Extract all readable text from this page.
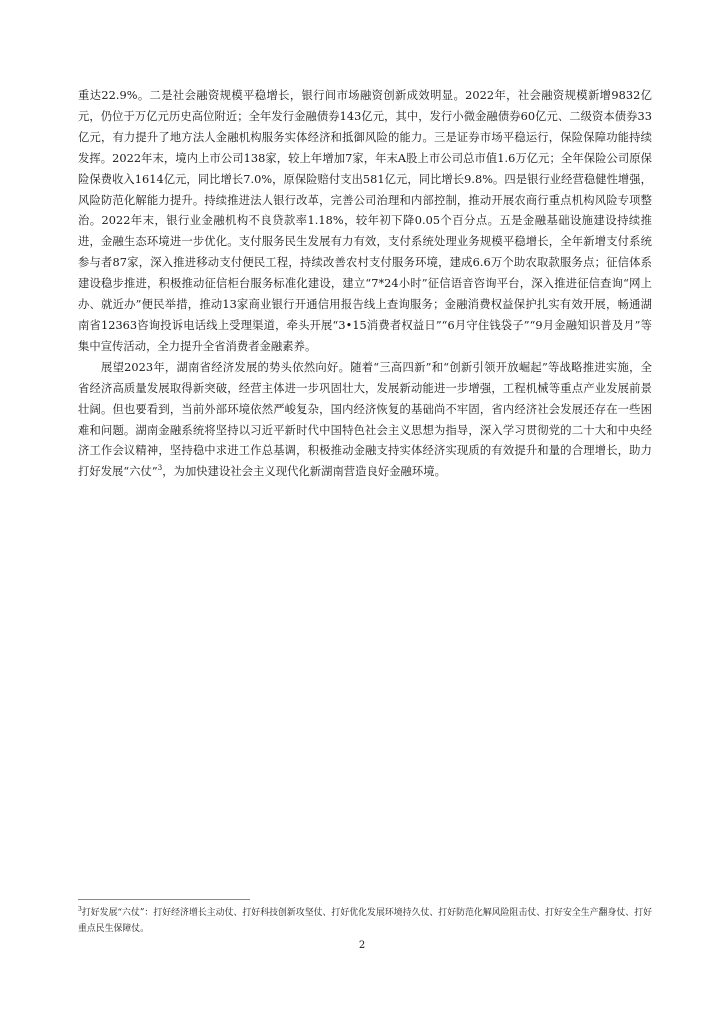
重达22.9%。二是社会融资规模平稳增长，银行间市场融资创新成效明显。2022年，社会融资规模新增9832亿元，仍位于万亿元历史高位附近；全年发行金融债券143亿元，其中，发行小微金融债券60亿元、二级资本债券33亿元，有力提升了地方法人金融机构服务实体经济和抵御风险的能力。三是证券市场平稳运行，保险保障功能持续发挥。2022年末，境内上市公司138家，较上年增加7家，年末A股上市公司总市值1.6万亿元；全年保险公司原保险保费收入1614亿元，同比增长7.0%，原保险赔付支出581亿元，同比增长9.8%。四是银行业经营稳健性增强，风险防范化解能力提升。持续推进法人银行改革，完善公司治理和内部控制，推动开展农商行重点机构风险专项整治。2022年末，银行业金融机构不良贷款率1.18%，较年初下降0.05个百分点。五是金融基础设施建设持续推进，金融生态环境进一步优化。支付服务民生发展有力有效，支付系统处理业务规模平稳增长，全年新增支付系统参与者87家，深入推进移动支付便民工程，持续改善农村支付服务环境，建成6.6万个助农取款服务点；征信体系建设稳步推进，积极推动征信柜台服务标准化建设，建立“7*24小时”征信语音咨询平台，深入推进征信查询“网上办、就近办”便民举措，推动13家商业银行开通信用报告线上查询服务；金融消费权益保护扎实有效开展，畅通湖南省12363咨询投诉电话线上受理渠道，牵头开展“3•15消费者权益日”“6月守住钱袋子”“9月金融知识普及月”等集中宣传活动，全力提升全省消费者金融素养。

展望2023年，湖南省经济发展的势头依然向好。随着“三高四新”和“创新引领开放崛起”等战略推进实施，全省经济高质量发展取得新突破，经营主体进一步巩固壮大，发展新动能进一步增强，工程机械等重点产业发展前景壮阔。但也要看到，当前外部环境依然严峻复杂，国内经济恢复的基础尚不牢固，省内经济社会发展还存在一些困难和问题。湖南金融系统将坚持以习近平新时代中国特色社会主义思想为指导，深入学习贯彻党的二十大和中央经济工作会议精神，坚持稳中求进工作总基调，积极推动金融支持实体经济实现质的有效提升和量的合理增长，助力打好发展“六仗”$^3$，为加快建设社会主义现代化新湖南营造良好金融环境。

$^3$打好发展“六仗”：打好经济增长主动仗、打好科技创新攻坚仗、打好优化发展环境持久仗、打好防范化解风险阻击仗、打好安全生产翻身仗、打好重点民生保障仗。

2
